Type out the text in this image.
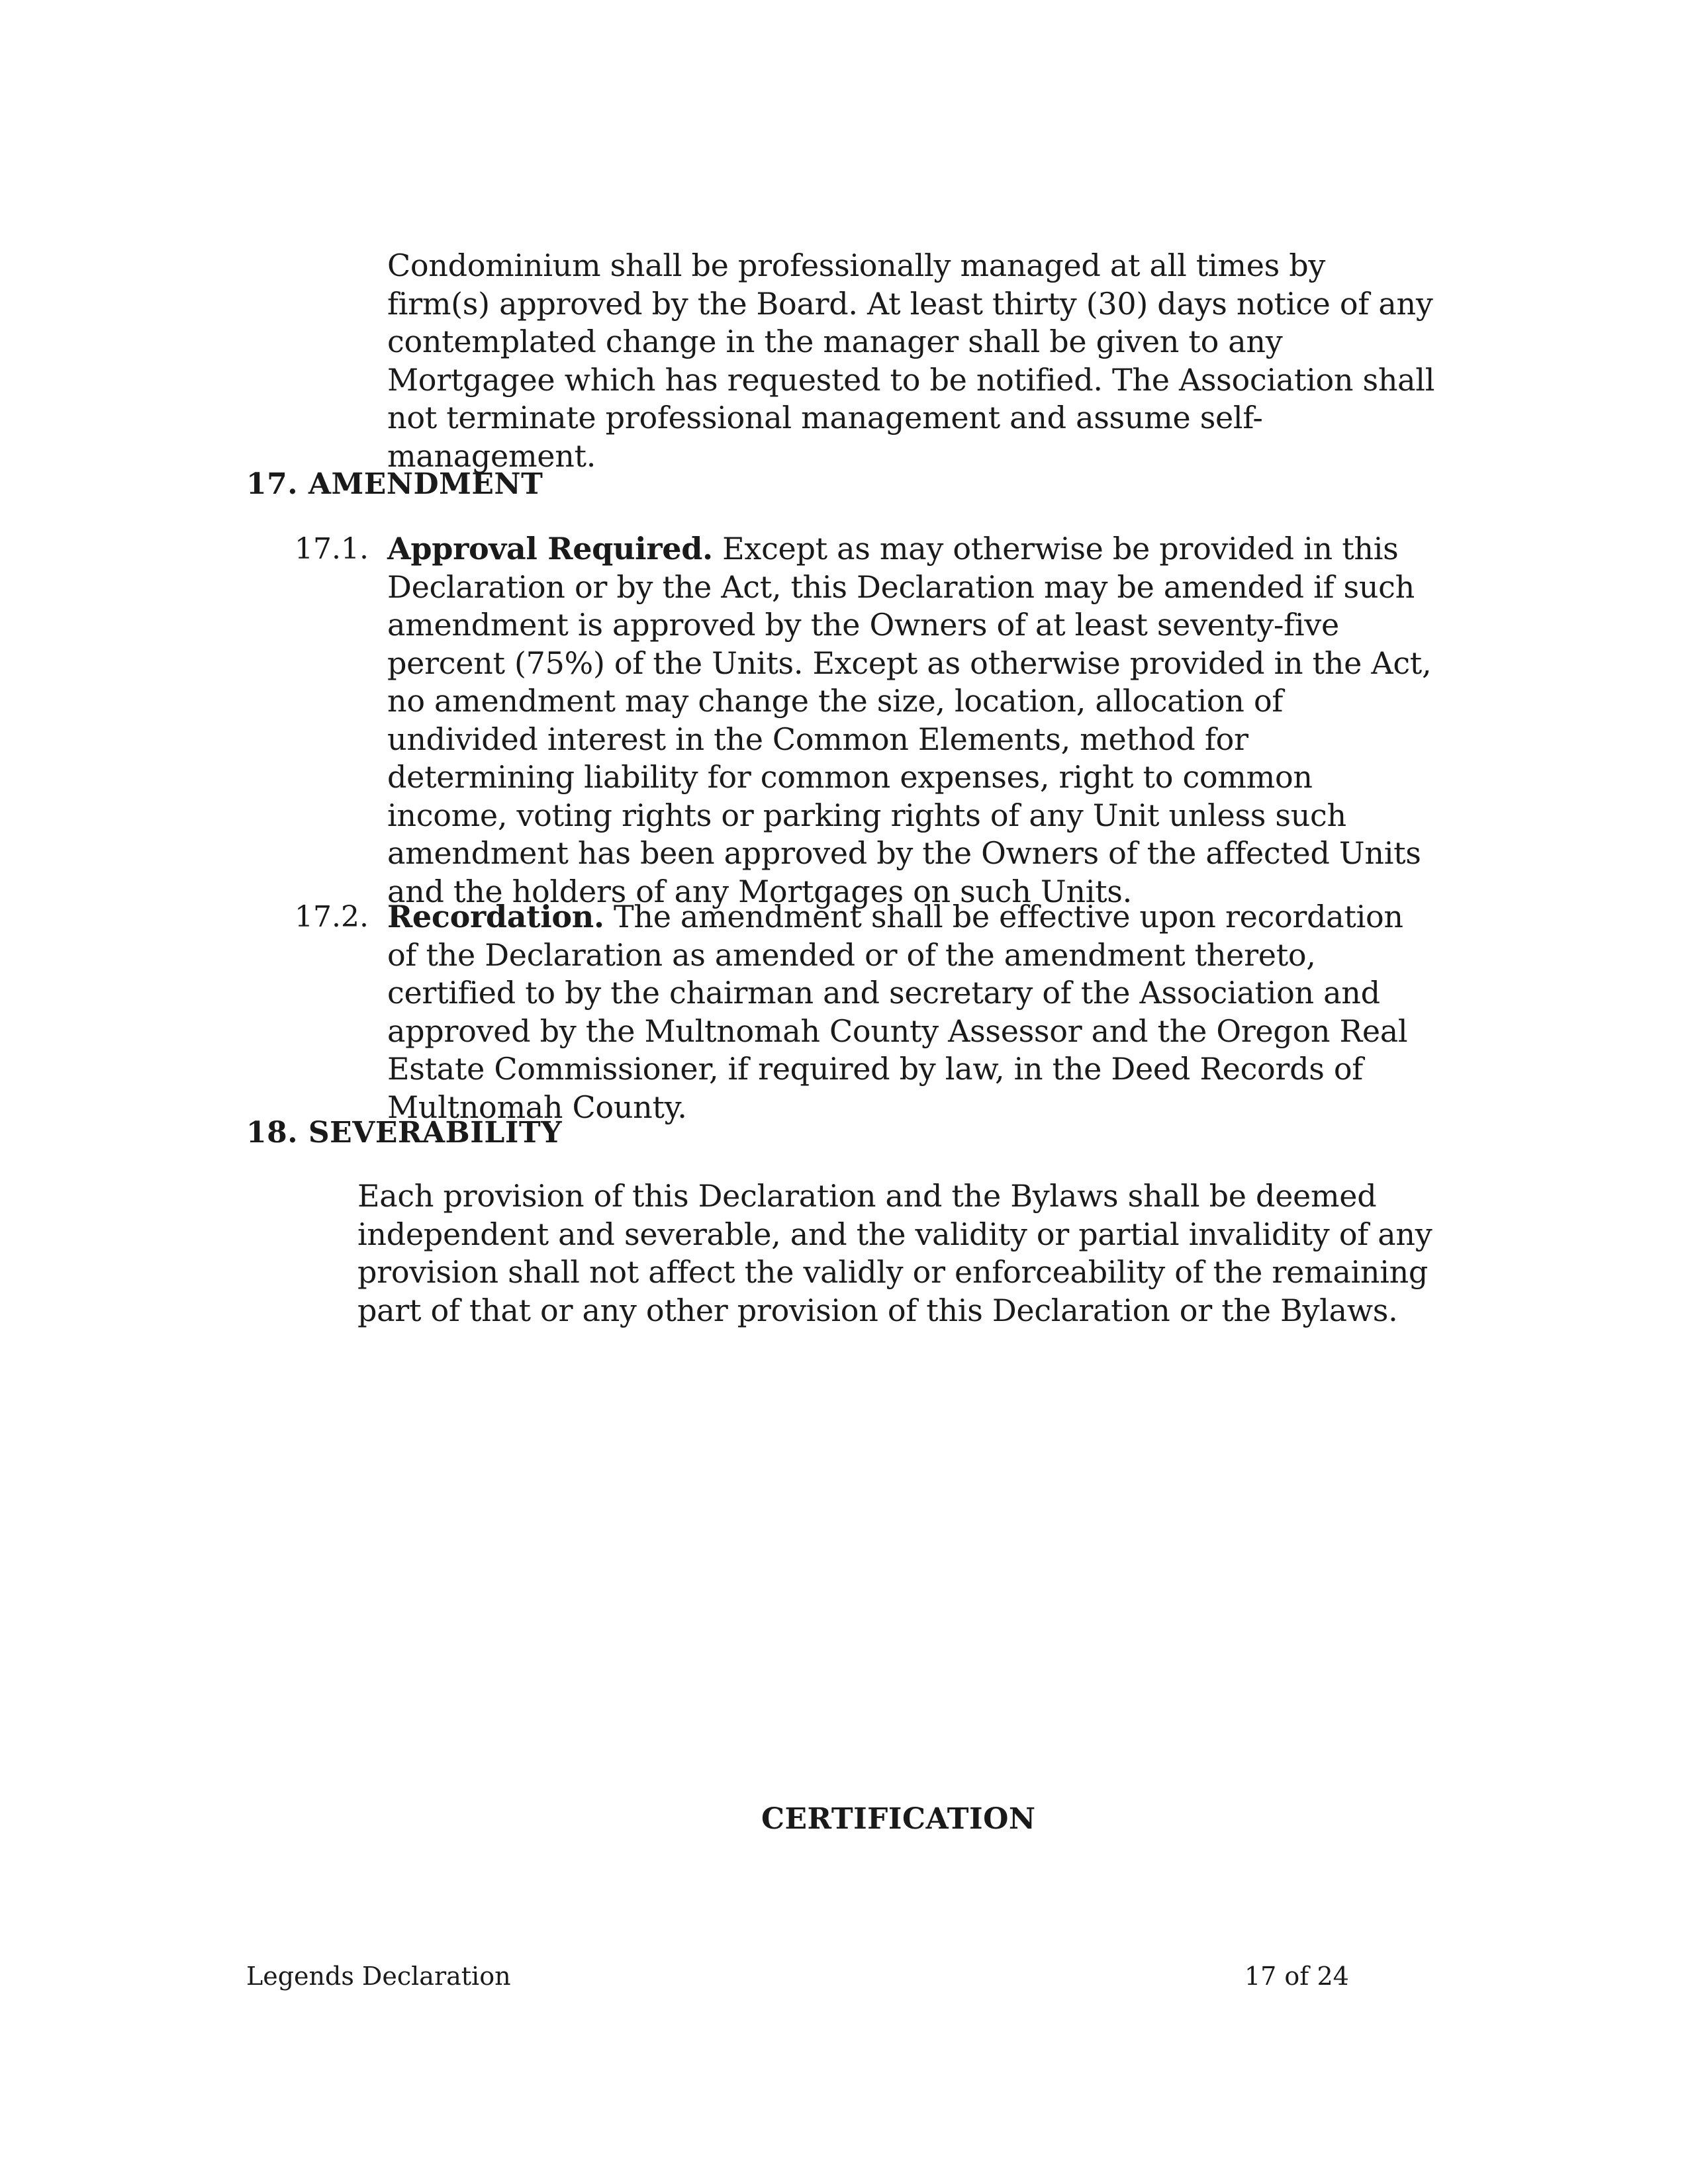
Condominium shall be professionally managed at all times by firm(s) approved by the Board. At least thirty (30) days notice of any contemplated change in the manager shall be given to any Mortgagee which has requested to be notified. The Association shall not terminate professional management and assume self-management.

17. AMENDMENT

17.1. Approval Required. Except as may otherwise be provided in this Declaration or by the Act, this Declaration may be amended if such amendment is approved by the Owners of at least seventy-five percent (75%) of the Units. Except as otherwise provided in the Act, no amendment may change the size, location, allocation of undivided interest in the Common Elements, method for determining liability for common expenses, right to common income, voting rights or parking rights of any Unit unless such amendment has been approved by the Owners of the affected Units and the holders of any Mortgages on such Units.

17.2. Recordation. The amendment shall be effective upon recordation of the Declaration as amended or of the amendment thereto, certified to by the chairman and secretary of the Association and approved by the Multnomah County Assessor and the Oregon Real Estate Commissioner, if required by law, in the Deed Records of Multnomah County.

18. SEVERABILITY

Each provision of this Declaration and the Bylaws shall be deemed independent and severable, and the validity or partial invalidity of any provision shall not affect the validly or enforceability of the remaining part of that or any other provision of this Declaration or the Bylaws.

CERTIFICATION

Legends Declaration	17 of 24
